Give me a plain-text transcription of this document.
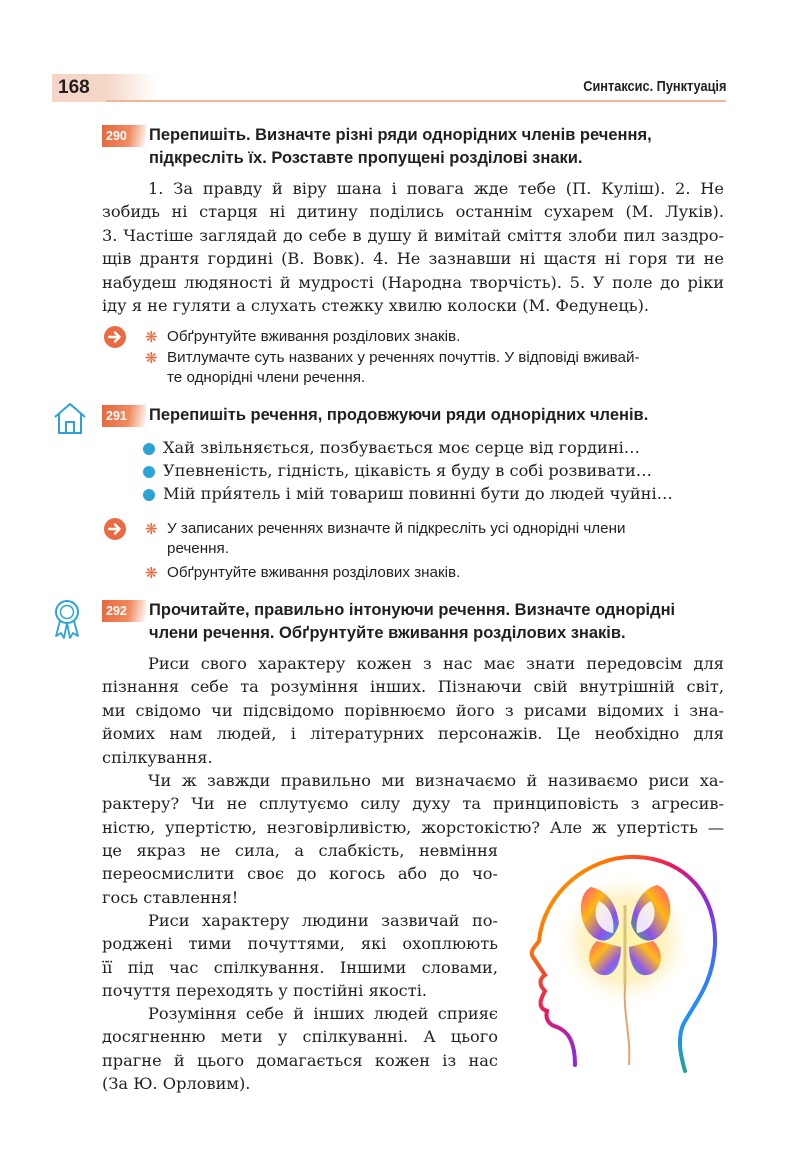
168	Синтаксис. Пунктуація
290	Перепишіть. Визначте різні ряди однорідних членів речення,
підкресліть їх. Розставте пропущені розділові знаки.
1. За правду й віру шана і повага жде тебе (П. Куліш). 2. Не
зобидь ні старця ні дитину поділись останнім сухарем (М. Луків).
3. Частіше заглядай до себе в душу й вимітай сміття злоби пил заздро-
щів дрантя гордині (В. Вовк). 4. Не зазнавши ні щастя ні горя ти не
набудеш людяності й мудрості (Народна творчість). 5. У поле до ріки
іду я не гуляти а слухать стежку хвилю колоски (М. Федунець).
❋ Обґрунтуйте вживання розділових знаків.
❋ Витлумачте суть названих у реченнях почуттів. У відповіді вживай-
те однорідні члени речення.
291	Перепишіть речення, продовжуючи ряди однорідних членів.
Хай звільняється, позбувається моє серце від гордині…
Упевненість, гідність, цікавість я буду в собі розвивати…
Мій при́ятель і мій товариш повинні бути до людей чуйні…
❋ У записаних реченнях визначте й підкресліть усі однорідні члени
речення.
❋ Обґрунтуйте вживання розділових знаків.
292	Прочитайте, правильно інтонуючи речення. Визначте однорідні
члени речення. Обґрунтуйте вживання розділових знаків.
Риси свого характеру кожен з нас має знати передовсім для
пізнання себе та розуміння інших. Пізнаючи свій внутрішній світ,
ми свідомо чи підсвідомо порівнюємо його з рисами відомих і зна-
йомих нам людей, і літературних персонажів. Це необхідно для
спілкування.
Чи ж завжди правильно ми визначаємо й називаємо риси ха-
рактеру? Чи не сплутуємо силу духу та принциповість з агресив-
ністю, упертістю, незговірливістю, жорстокістю? Але ж упертість —
це якраз не сила, а слабкість, невміння
переосмислити своє до когось або до чо-
гось ставлення!
Риси характеру людини зазвичай по-
роджені тими почуттями, які охоплюють
її під час спілкування. Іншими словами,
почуття переходять у постійні якості.
Розуміння себе й інших людей сприяє
досягненню мети у спілкуванні. А цього
прагне й цього домагається кожен із нас
(За Ю. Орловим).
